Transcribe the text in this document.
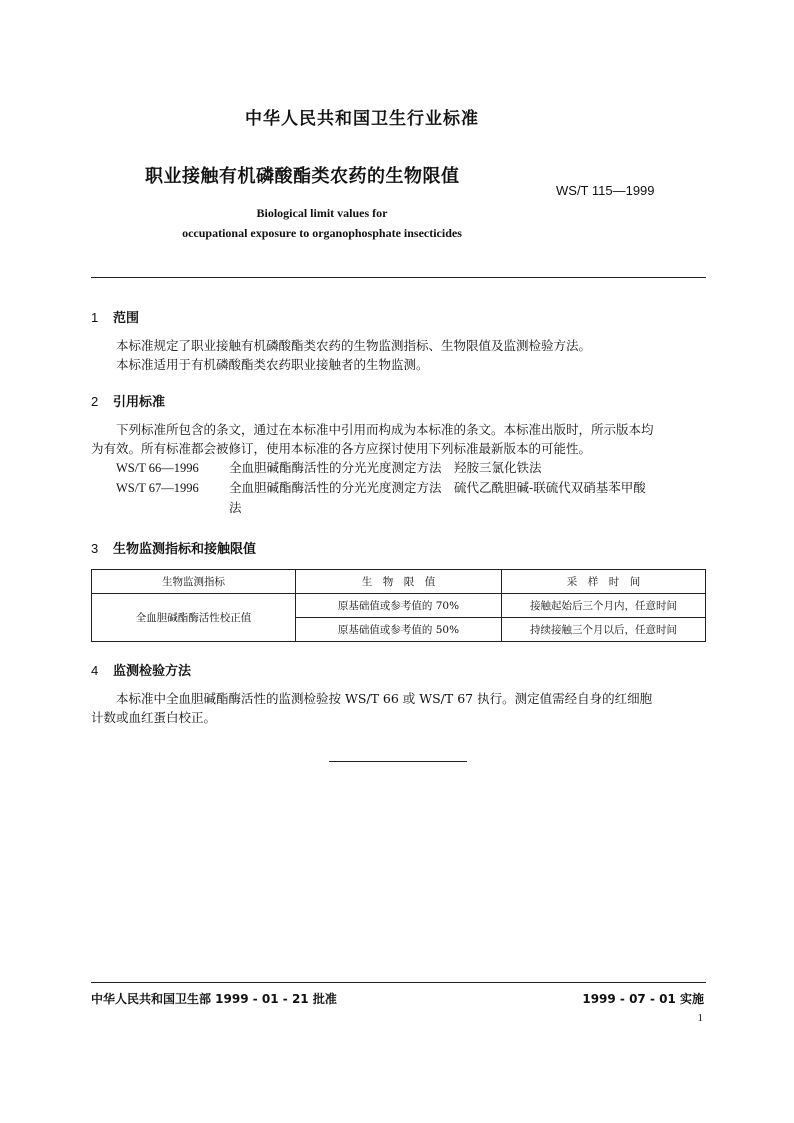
中华人民共和国卫生行业标准
职业接触有机磷酸酯类农药的生物限值
WS/T 115—1999
Biological limit values for
occupational exposure to organophosphate insecticides
1 范围
本标准规定了职业接触有机磷酸酯类农药的生物监测指标、生物限值及监测检验方法。
本标准适用于有机磷酸酯类农药职业接触者的生物监测。
2 引用标准
下列标准所包含的条文，通过在本标准中引用而构成为本标准的条文。本标准出版时，所示版本均
为有效。所有标准都会被修订，使用本标准的各方应探讨使用下列标准最新版本的可能性。
WS/T 66—1996 全血胆碱酯酶活性的分光光度测定方法　羟胺三氯化铁法
WS/T 67—1996 全血胆碱酯酶活性的分光光度测定方法　硫代乙酰胆碱-联硫代双硝基苯甲酸
法
3 生物监测指标和接触限值
生物监测指标	生　物　限　值	采　样　时　间
全血胆碱酯酶活性校正值	原基础值或参考值的 70%	接触起始后三个月内，任意时间
	原基础值或参考值的 50%	持续接触三个月以后，任意时间
4 监测检验方法
本标准中全血胆碱酯酶活性的监测检验按 WS/T 66 或 WS/T 67 执行。测定值需经自身的红细胞
计数或血红蛋白校正。
中华人民共和国卫生部 1999 - 01 - 21 批准	1999 - 07 - 01 实施
1
